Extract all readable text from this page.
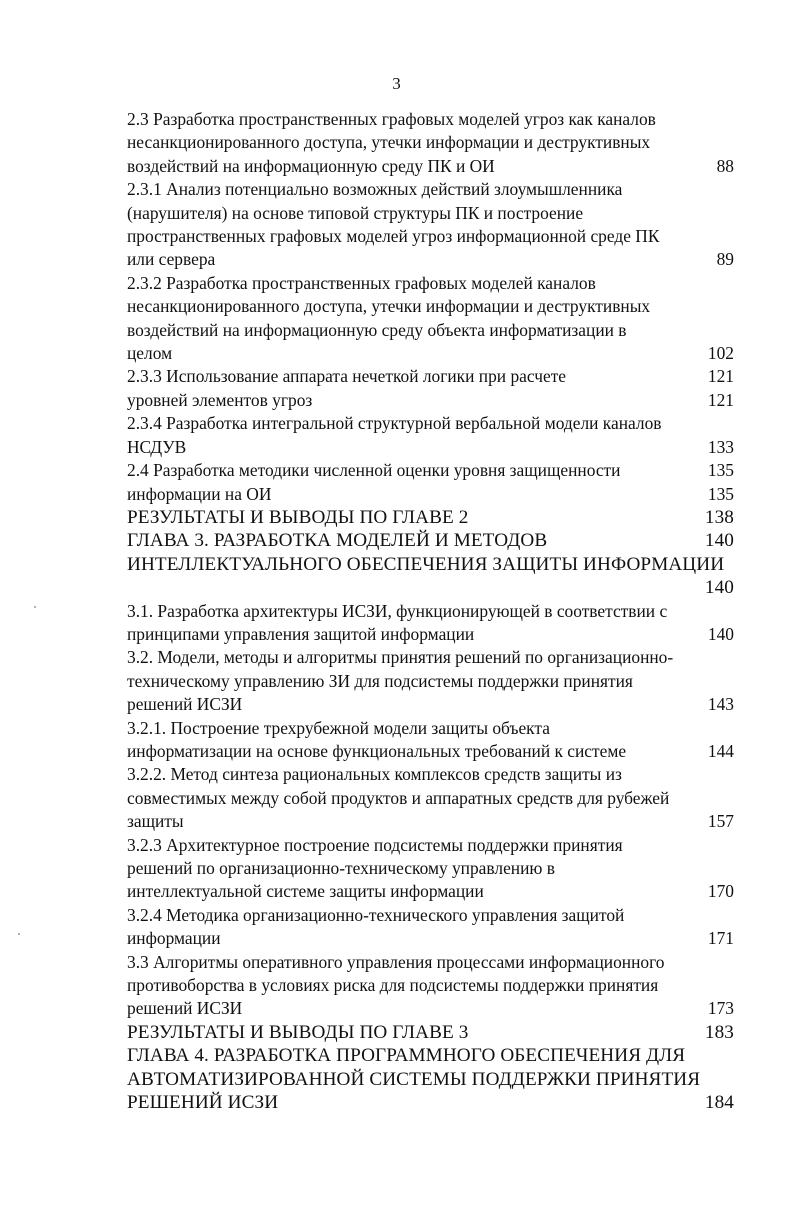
3
2.3 Разработка пространственных графовых моделей угроз как каналов
несанкционированного доступа, утечки информации и деструктивных
воздействий на информационную среду ПК и ОИ	88
2.3.1 Анализ потенциально возможных действий злоумышленника
(нарушителя) на основе типовой структуры ПК и построение
пространственных графовых моделей угроз информационной среде ПК
или сервера	89
2.3.2 Разработка пространственных графовых моделей каналов
несанкционированного доступа, утечки информации и деструктивных
воздействий на информационную среду объекта информатизации в
целом	102
2.3.3 Использование аппарата нечеткой логики при расчете	121
уровней элементов угроз	121
2.3.4 Разработка интегральной структурной вербальной модели каналов
НСДУВ	133
2.4 Разработка методики численной оценки уровня защищенности	135
информации на ОИ	135
РЕЗУЛЬТАТЫ И ВЫВОДЫ ПО ГЛАВЕ 2	138
ГЛАВА 3. РАЗРАБОТКА МОДЕЛЕЙ И МЕТОДОВ	140
ИНТЕЛЛЕКТУАЛЬНОГО ОБЕСПЕЧЕНИЯ ЗАЩИТЫ ИНФОРМАЦИИ
140
3.1. Разработка архитектуры ИСЗИ, функционирующей в соответствии с
принципами управления защитой информации	140
3.2. Модели, методы и алгоритмы принятия решений по организационно-
техническому управлению ЗИ для подсистемы поддержки принятия
решений ИСЗИ	143
3.2.1. Построение трехрубежной модели защиты объекта
информатизации на основе функциональных требований к системе	144
3.2.2. Метод синтеза рациональных комплексов средств защиты из
совместимых между собой продуктов и аппаратных средств для рубежей
защиты	157
3.2.3 Архитектурное построение подсистемы поддержки принятия
решений по организационно-техническому управлению в
интеллектуальной системе защиты информации	170
3.2.4 Методика организационно-технического управления защитой
информации	171
3.3 Алгоритмы оперативного управления процессами информационного
противоборства в условиях риска для подсистемы поддержки принятия
решений ИСЗИ	173
РЕЗУЛЬТАТЫ И ВЫВОДЫ ПО ГЛАВЕ 3	183
ГЛАВА 4. РАЗРАБОТКА ПРОГРАММНОГО ОБЕСПЕЧЕНИЯ ДЛЯ
АВТОМАТИЗИРОВАННОЙ СИСТЕМЫ ПОДДЕРЖКИ ПРИНЯТИЯ
РЕШЕНИЙ ИСЗИ	184
